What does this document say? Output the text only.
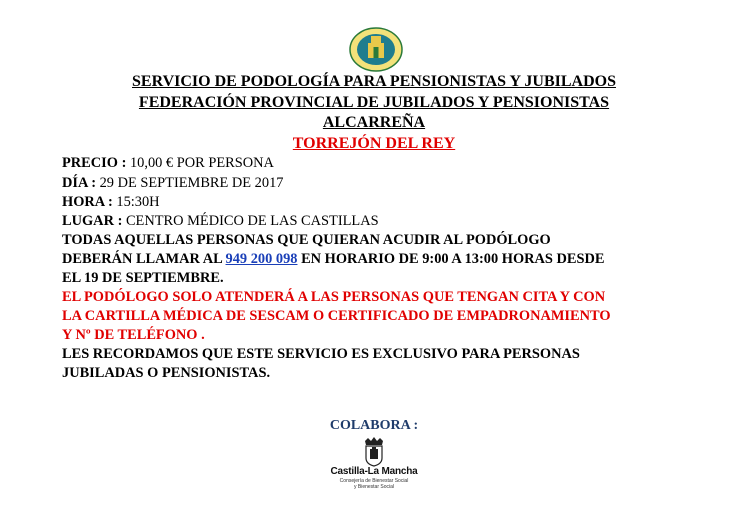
SERVICIO DE PODOLOGÍA PARA PENSIONISTAS Y JUBILADOS
FEDERACIÓN PROVINCIAL DE JUBILADOS Y PENSIONISTAS
ALCARREÑA
TORREJÓN DEL REY
PRECIO : 10,00 € POR PERSONA
DÍA : 29 DE SEPTIEMBRE DE 2017
HORA : 15:30H
LUGAR : CENTRO MÉDICO DE LAS CASTILLAS
TODAS AQUELLAS PERSONAS QUE QUIERAN ACUDIR AL PODÓLOGO
DEBERÁN LLAMAR AL 949 200 098 EN HORARIO DE 9:00 A 13:00 HORAS DESDE
EL 19 DE SEPTIEMBRE.
EL PODÓLOGO SOLO ATENDERÁ A LAS PERSONAS QUE TENGAN CITA Y CON
LA CARTILLA MÉDICA DE SESCAM O CERTIFICADO DE EMPADRONAMIENTO
Y Nº DE TELÉFONO .
LES RECORDAMOS QUE ESTE SERVICIO ES EXCLUSIVO PARA PERSONAS
JUBILADAS O PENSIONISTAS.
COLABORA :
Castilla-La Mancha
Consejería de Bienestar Social
y Bienestar Social
